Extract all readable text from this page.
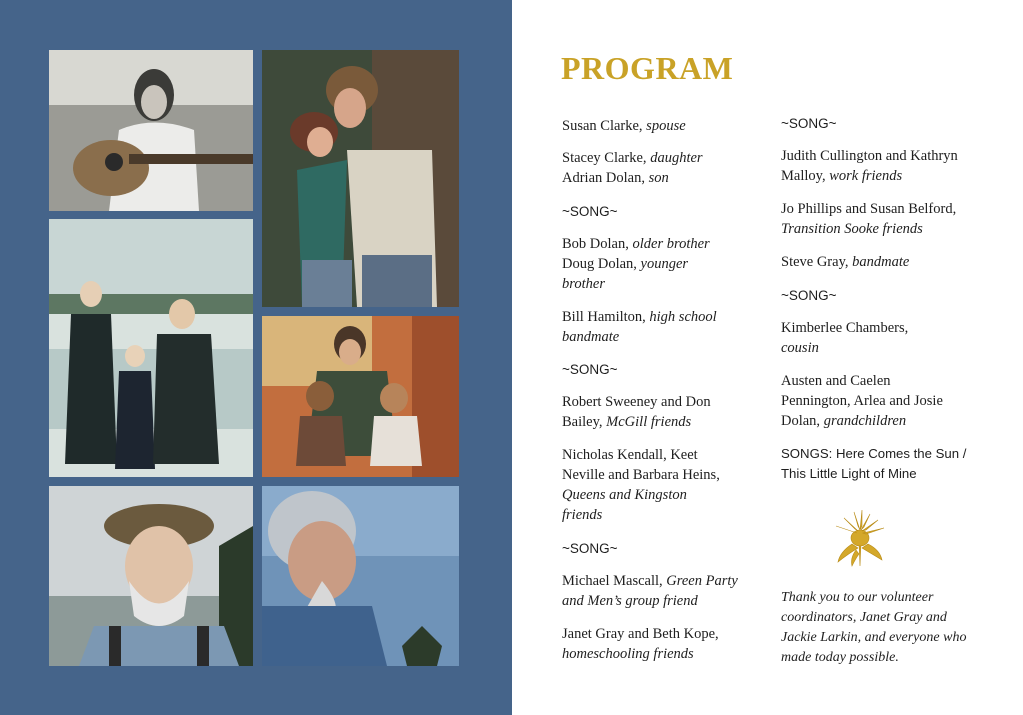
PROGRAM
Susan Clarke, spouse
Stacey Clarke, daughter
Adrian Dolan, son
~SONG~
Bob Dolan, older brother
Doug Dolan, younger brother
Bill Hamilton, high school bandmate
~SONG~
Robert Sweeney and Don Bailey, McGill friends
Nicholas Kendall, Keet Neville and Barbara Heins, Queens and Kingston friends
~SONG~
Michael Mascall, Green Party and Men’s group friend
Janet Gray and Beth Kope, homeschooling friends
~SONG~
Judith Cullington and Kathryn Malloy, work friends
Jo Phillips and Susan Belford, Transition Sooke friends
Steve Gray, bandmate
~SONG~
Kimberlee Chambers, cousin
Austen and Caelen Pennington, Arlea and Josie Dolan, grandchildren
SONGS: Here Comes the Sun / This Little Light of Mine

Thank you to our volunteer coordinators, Janet Gray and Jackie Larkin, and everyone who made today possible.
